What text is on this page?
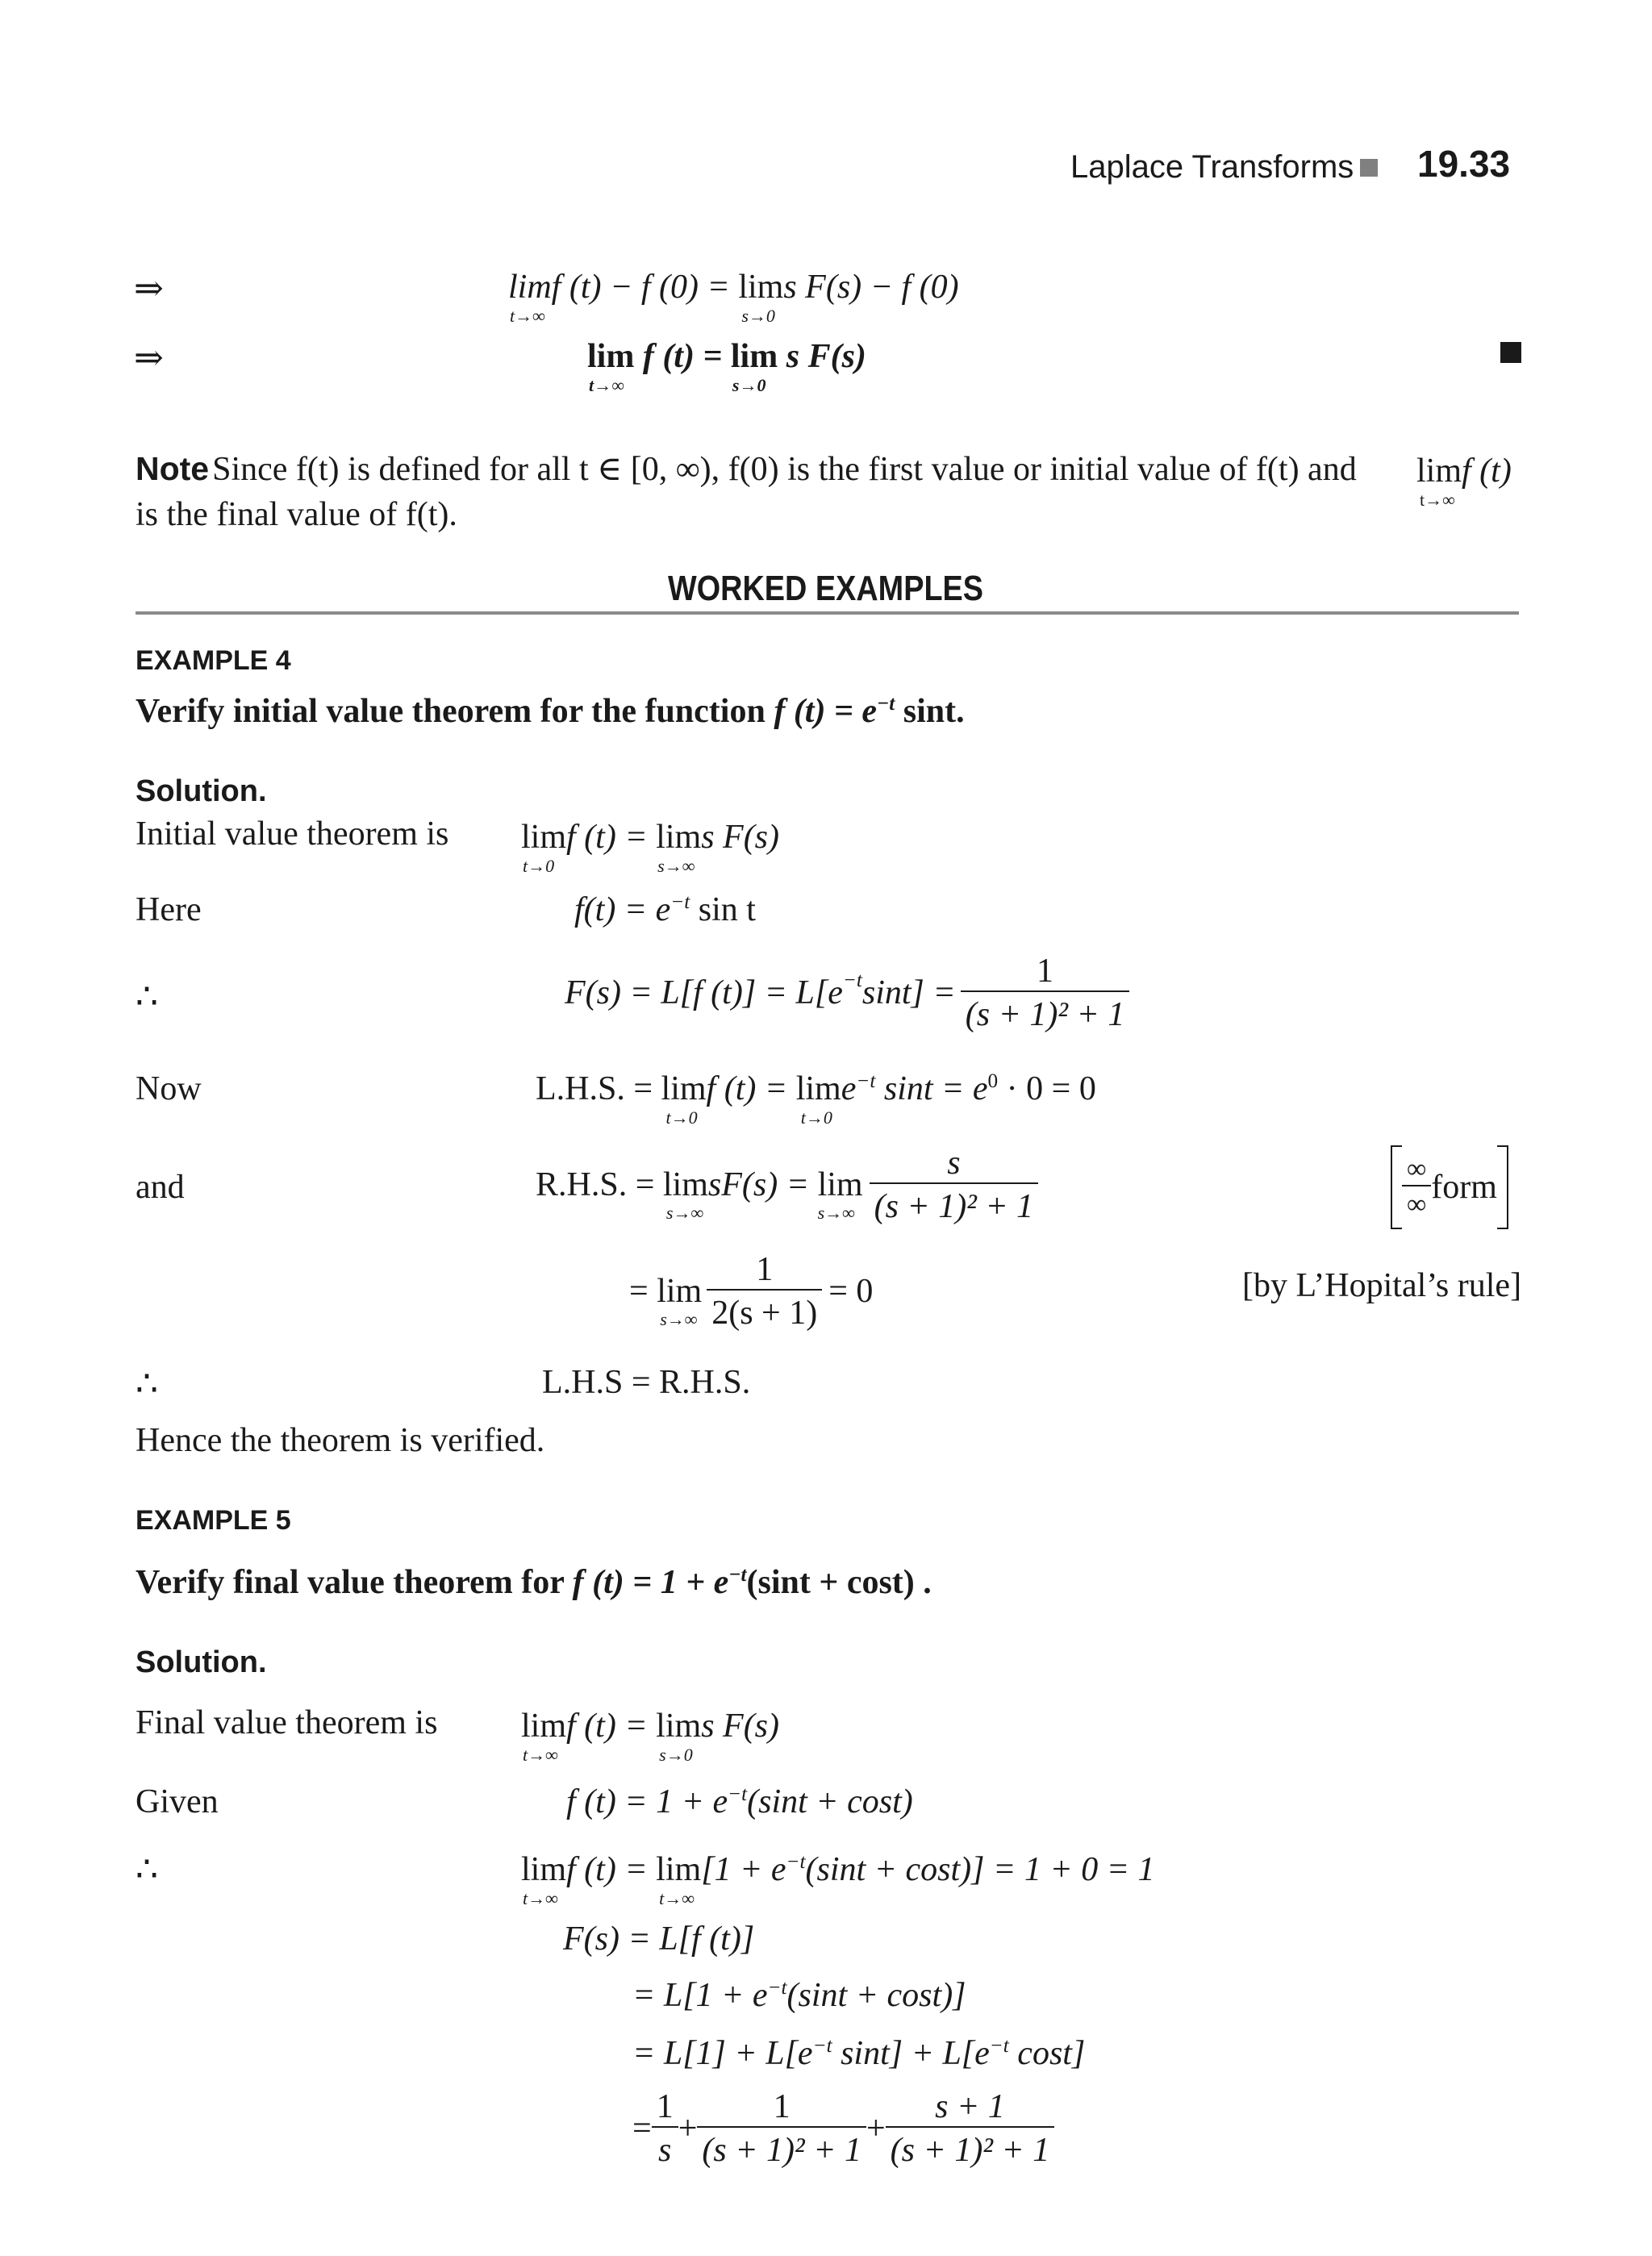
Laplace Transforms 19.33
⇒	lim
t→∞
f (t) − f (0) = lim
s→0
s F(s) − f (0)
⇒	lim
t→∞
f (t) = lim
s→0
s F(s)
Note Since f(t) is defined for all t ∈ [0, ∞), f(0) is the first value or initial value of f(t) and	lim
t→∞
f (t)
is the final value of f(t).
WORKED EXAMPLES
EXAMPLE 4
Verify initial value theorem for the function f $(t) = e^{-t}$ sint.
Solution.
Initial value theorem is lim
t→0
f (t) = lim
s→∞
s F(s)
Here	$f(t) = e^{-t}$ sin t
∴	F(s) = L[f $(t)] = L[e^{-t}$ $\sin t] = \frac{1}{\text{(s + 1)² + 1}}$
Now	L.H.S. = lim
t→0
f (t) = lim
t→0
$e^{-t}$ $\sin t = e^0 \cdot 0 = 0$
and	R.H.S. = lim
s→∞
sF(s) = lim
$s\to\infty \frac{s}{\text{(s + 1)² + 1}}$	$\frac{\infty}{\infty}$ form
= lim
$s\to\infty \frac{1}{2(s + 1)} = 0$	[by L’Hopital’s rule]
∴	L.H.S = R.H.S.
Hence the theorem is verified.
EXAMPLE 5
Verify final value theorem for f $(t) = 1 + e^{-t}(\sin t + \cos t)$ .
Solution.
Final value theorem is lim
t→∞
f (t) = lim
s→0
s F(s)
Given	f $(t) = 1 + e^{-t}(\sin t + \cos t)$
∴	lim
t→∞
f (t) = lim
t→∞
$[1 + e^{-t}(\sin t + \cos t)] = 1 + 0 = 1$
F(s) = L[f (t)]
= $L[1 + e^{-t}(\sin t + \cos t)]$
= $L[1] + L[e^{-t}$ $\sin t] + L[e^{-t}$ cost]
= $\frac{1}{s} + \frac{1}{\text{(s + 1)² + 1}} + \frac{s + 1}{\text{(s + 1)² + 1}}$
